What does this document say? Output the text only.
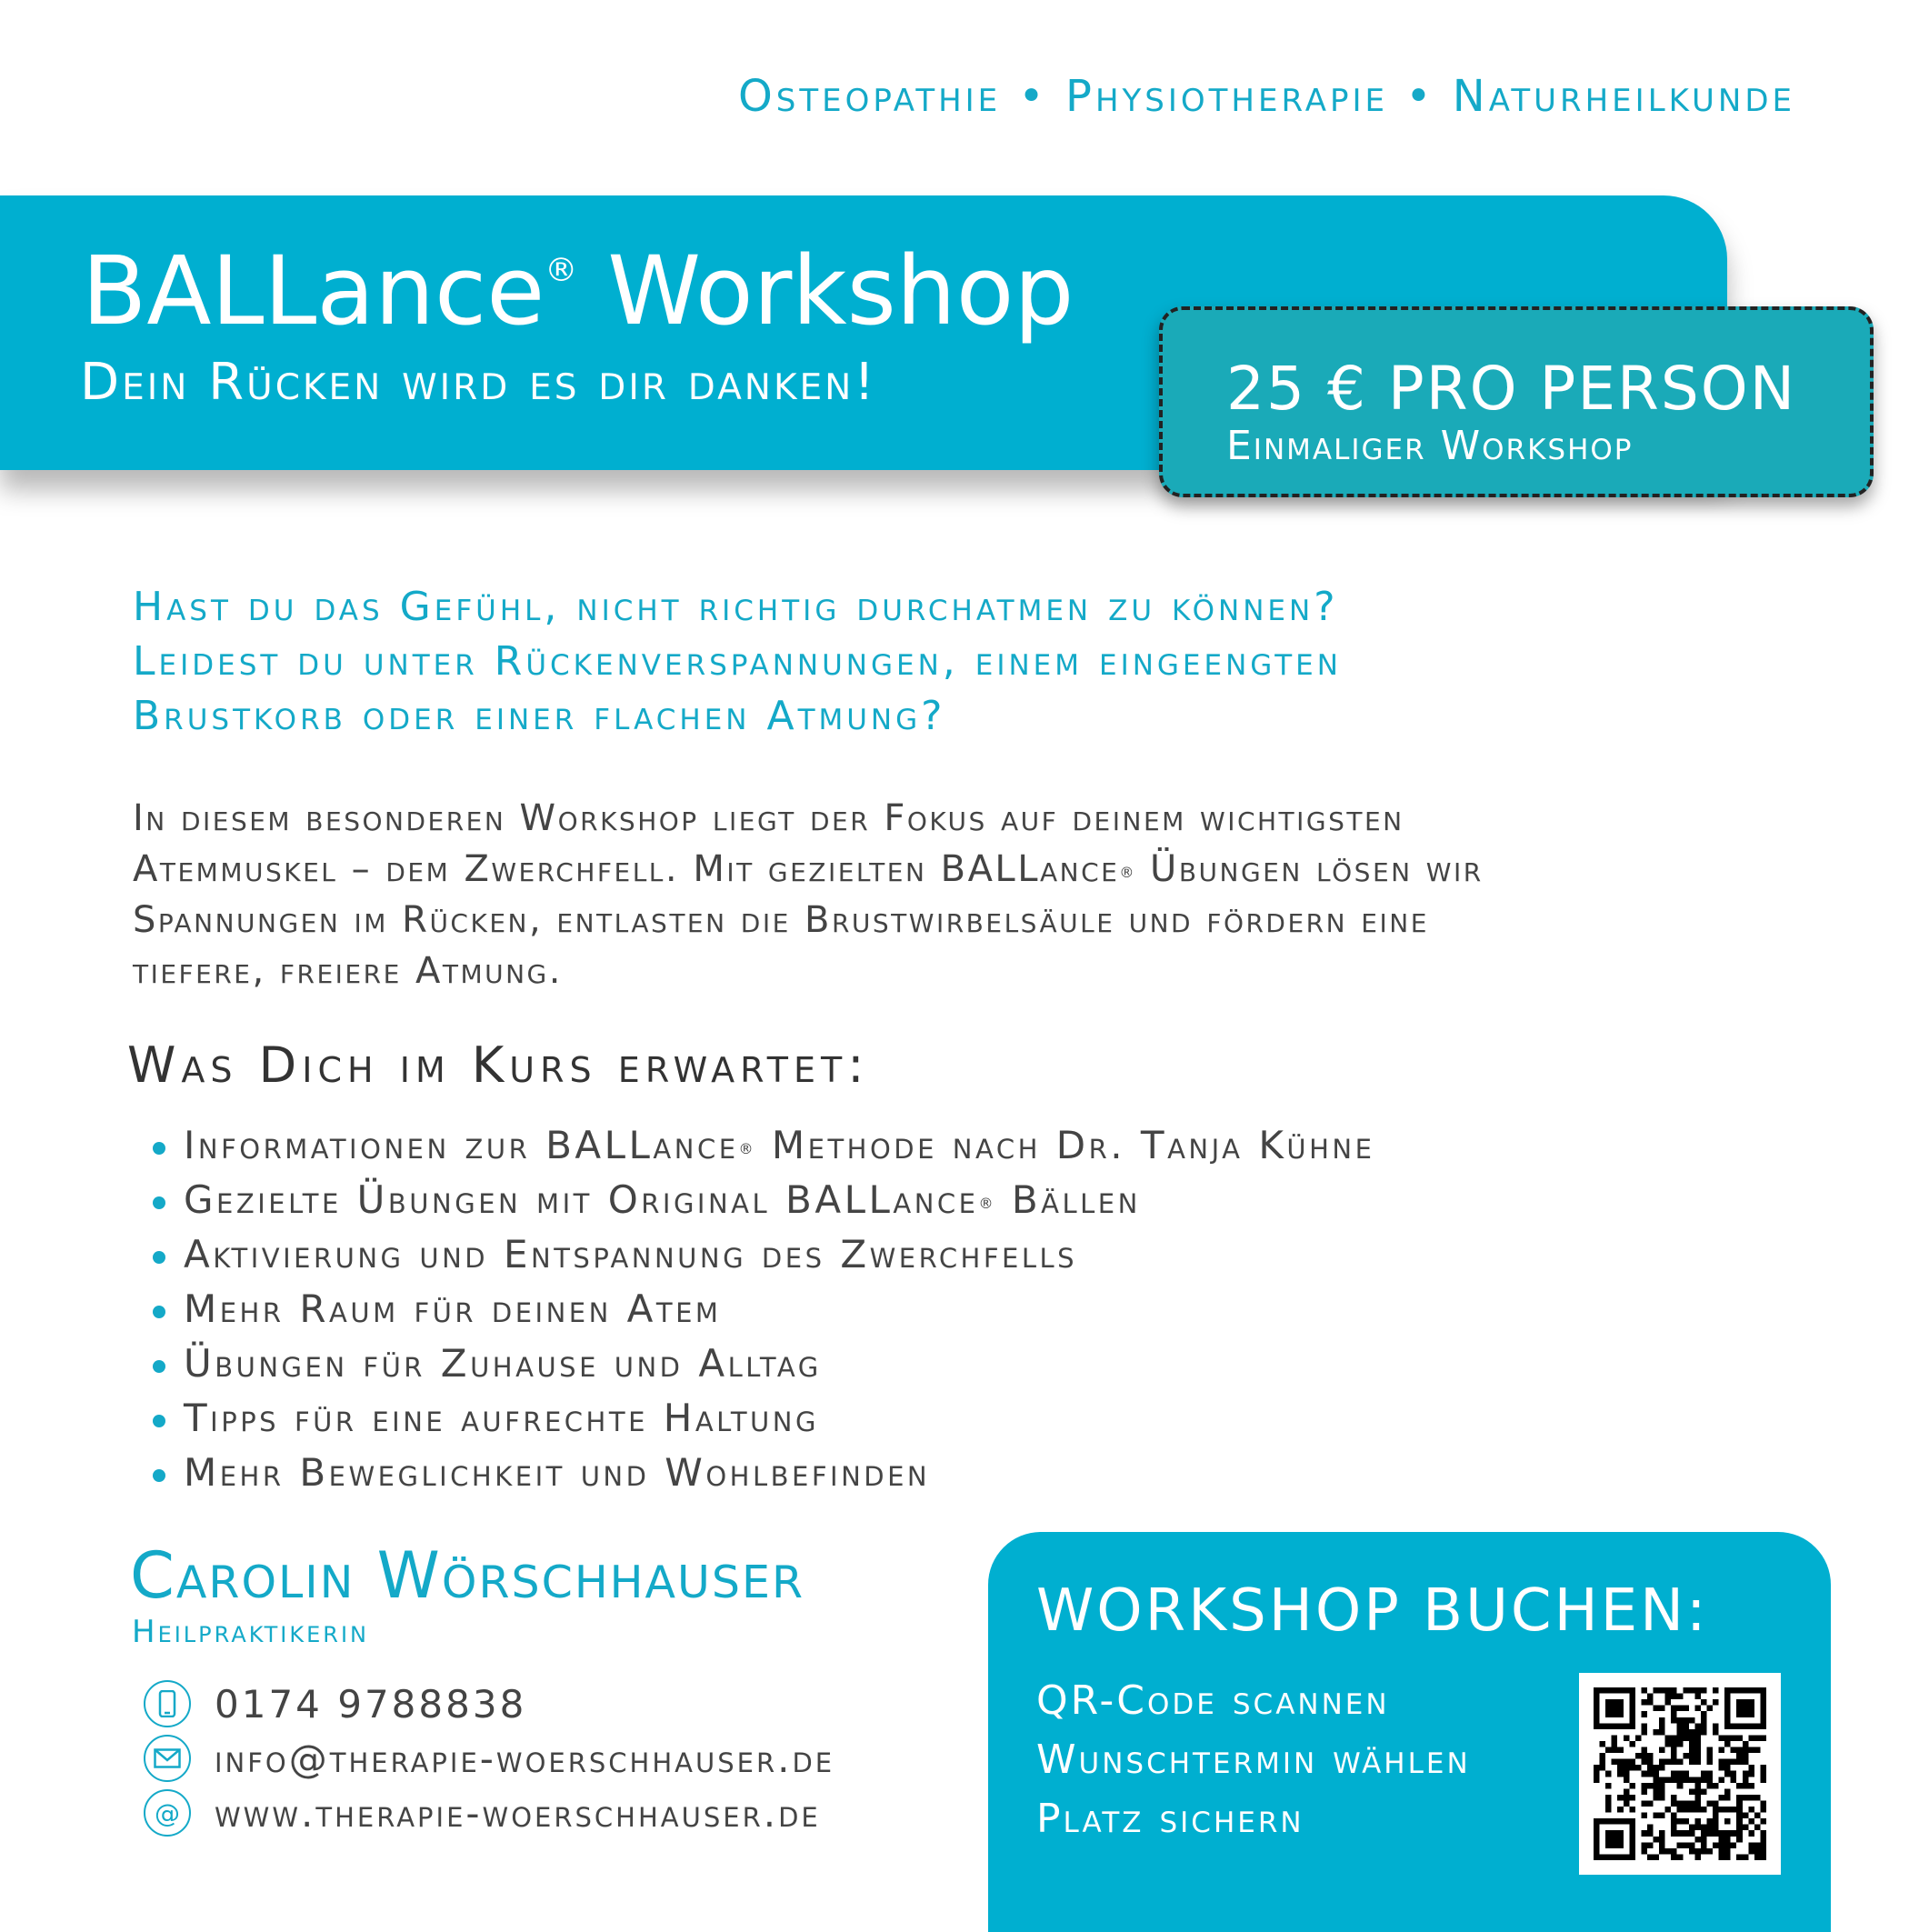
Osteopathie • Physiotherapie • Naturheilkunde
BALLance® Workshop
Dein Rücken wird es dir danken!	25 € PRO PERSON
Einmaliger Workshop
Hast du das Gefühl, nicht richtig durchatmen zu können?
Leidest du unter Rückenverspannungen, einem eingeengten
Brustkorb oder einer flachen Atmung?
In diesem besonderen Workshop liegt der Fokus auf deinem wichtigsten
Atemmuskel – dem Zwerchfell. Mit gezielten BALLance® Übungen lösen wir
Spannungen im Rücken, entlasten die Brustwirbelsäule und fördern eine
tiefere, freiere Atmung.
Was Dich im Kurs erwartet:
Informationen zur BALLance® Methode nach Dr. Tanja Kühne
Gezielte Übungen mit Original BALLance® Bällen
Aktivierung und Entspannung des Zwerchfells
Mehr Raum für deinen Atem
Übungen für Zuhause und Alltag
Tipps für eine aufrechte Haltung
Mehr Beweglichkeit und Wohlbefinden
Carolin Wörschhauser
Heilpraktikerin
0174 9788838
info@therapie-woerschhauser.de
@ www.therapie-woerschhauser.de
WORKSHOP BUCHEN:
QR-Code scannen
Wunschtermin wählen
Platz sichern
